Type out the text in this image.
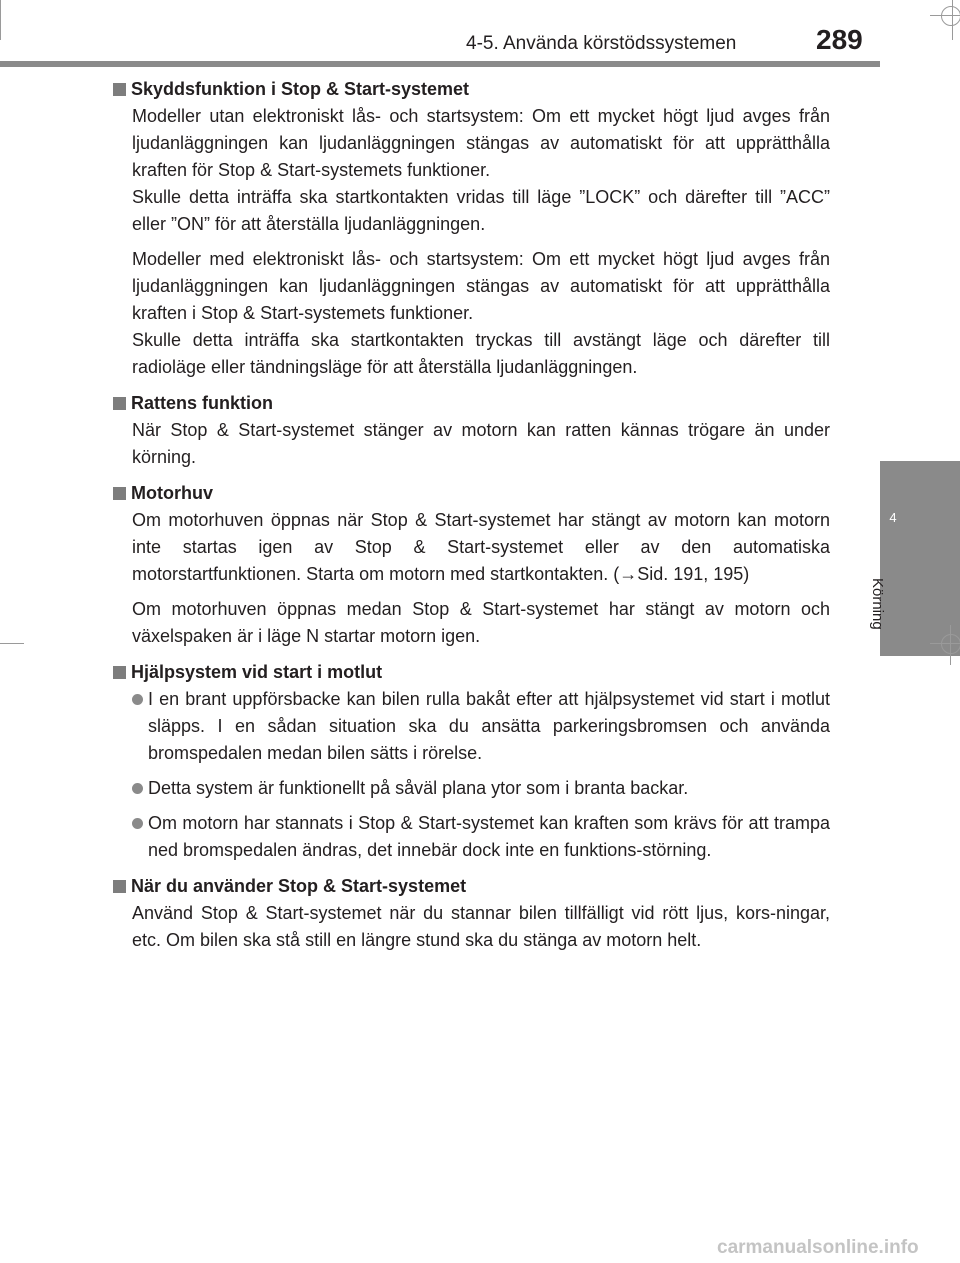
4-5. Använda körstödssystemen	289
4
Körning
Skyddsfunktion i Stop & Start-systemet

Modeller utan elektroniskt lås- och startsystem: Om ett mycket högt ljud avges från ljudanläggningen kan ljudanläggningen stängas av automatiskt för att upprätthålla kraften för Stop & Start-systemets funktioner.
Skulle detta inträffa ska startkontakten vridas till läge ”LOCK” och därefter till ”ACC” eller ”ON” för att återställa ljudanläggningen.

Modeller med elektroniskt lås- och startsystem: Om ett mycket högt ljud avges från ljudanläggningen kan ljudanläggningen stängas av automatiskt för att upprätthålla kraften i Stop & Start-systemets funktioner.
Skulle detta inträffa ska startkontakten tryckas till avstängt läge och därefter till radioläge eller tändningsläge för att återställa ljudanläggningen.

Rattens funktion

När Stop & Start-systemet stänger av motorn kan ratten kännas trögare än under körning.

Motorhuv

Om motorhuven öppnas när Stop & Start-systemet har stängt av motorn kan motorn inte startas igen av Stop & Start-systemet eller av den automatiska motorstartfunktionen. Starta om motorn med startkontakten. (→Sid. 191, 195)

Om motorhuven öppnas medan Stop & Start-systemet har stängt av motorn och växelspaken är i läge N startar motorn igen.

Hjälpsystem vid start i motlut
I en brant uppförsbacke kan bilen rulla bakåt efter att hjälpsystemet vid start i motlut släpps. I en sådan situation ska du ansätta parkeringsbromsen och använda bromspedalen medan bilen sätts i rörelse.
Detta system är funktionellt på såväl plana ytor som i branta backar.
Om motorn har stannats i Stop & Start-systemet kan kraften som krävs för att trampa ned bromspedalen ändras, det innebär dock inte en funktions-störning.
När du använder Stop & Start-systemet

Använd Stop & Start-systemet när du stannar bilen tillfälligt vid rött ljus, kors-ningar, etc. Om bilen ska stå still en längre stund ska du stänga av motorn helt.

carmanualsonline.info
